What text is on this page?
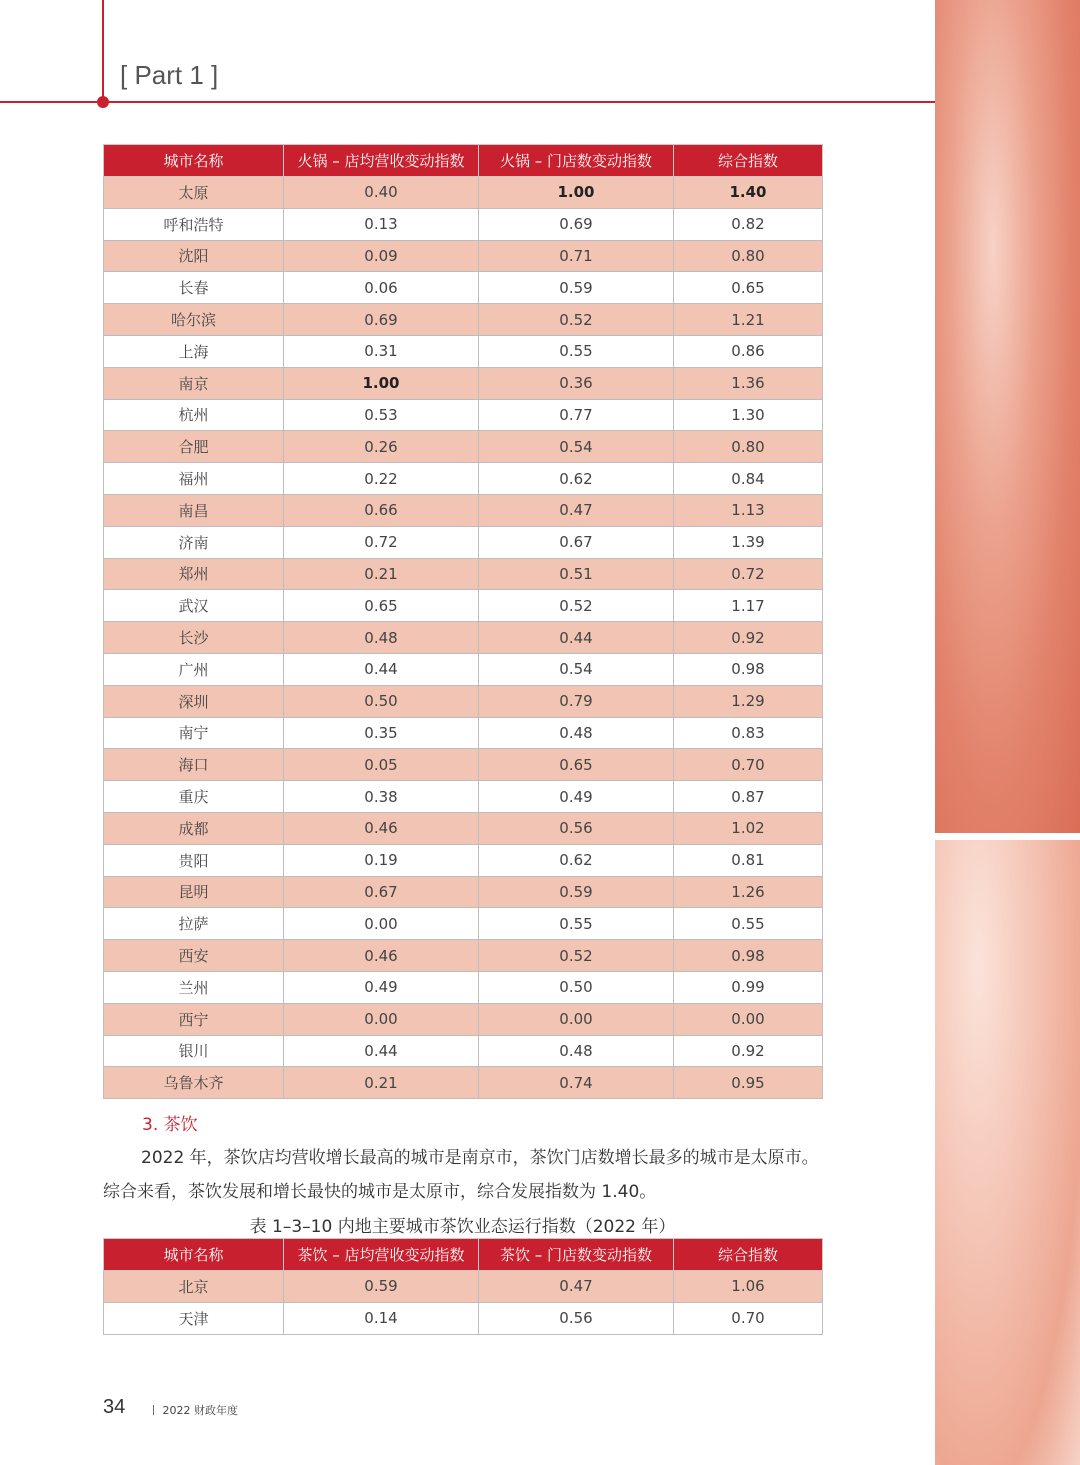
[ Part 1 ]
城市名称	火锅 – 店均营收变动指数	火锅 – 门店数变动指数	综合指数
太原	0.40	1.00	1.40
呼和浩特	0.13	0.69	0.82
沈阳	0.09	0.71	0.80
长春	0.06	0.59	0.65
哈尔滨	0.69	0.52	1.21
上海	0.31	0.55	0.86
南京	1.00	0.36	1.36
杭州	0.53	0.77	1.30
合肥	0.26	0.54	0.80
福州	0.22	0.62	0.84
南昌	0.66	0.47	1.13
济南	0.72	0.67	1.39
郑州	0.21	0.51	0.72
武汉	0.65	0.52	1.17
长沙	0.48	0.44	0.92
广州	0.44	0.54	0.98
深圳	0.50	0.79	1.29
南宁	0.35	0.48	0.83
海口	0.05	0.65	0.70
重庆	0.38	0.49	0.87
成都	0.46	0.56	1.02
贵阳	0.19	0.62	0.81
昆明	0.67	0.59	1.26
拉萨	0.00	0.55	0.55
西安	0.46	0.52	0.98
兰州	0.49	0.50	0.99
西宁	0.00	0.00	0.00
银川	0.44	0.48	0.92
乌鲁木齐	0.21	0.74	0.95
3. 茶饮
2022 年，茶饮店均营收增长最高的城市是南京市，茶饮门店数增长最多的城市是太原市。综合来看，茶饮发展和增长最快的城市是太原市，综合发展指数为 1.40。
表 1–3–10 内地主要城市茶饮业态运行指数（2022 年）
城市名称	茶饮 – 店均营收变动指数	茶饮 – 门店数变动指数	综合指数
北京	0.59	0.47	1.06
天津	0.14	0.56	0.70
34 丨 2022 财政年度
